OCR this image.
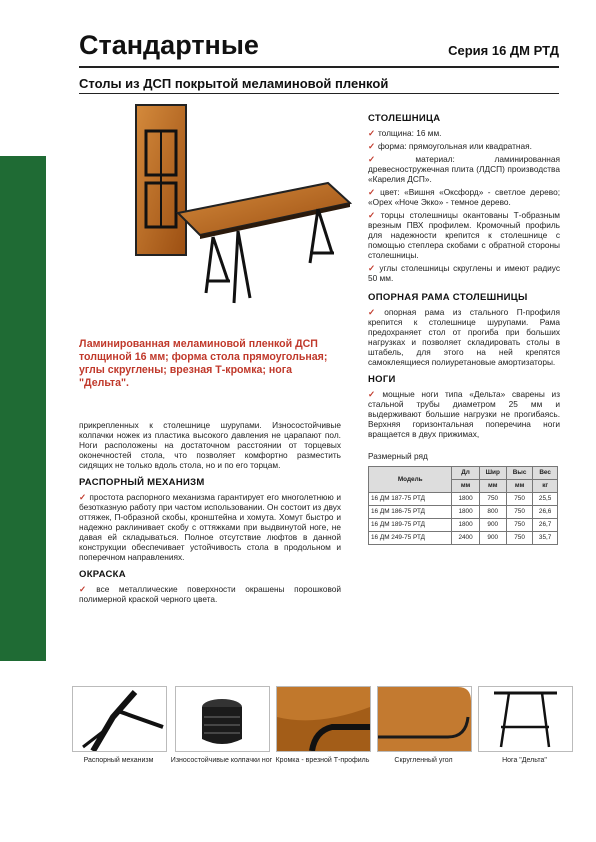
Стандартные	Серия 16 ДМ РТД
Столы из ДСП покрытой меламиновой пленкой
Ламинированная меламиновой пленкой ДСП толщиной 16 мм; форма стола прямоугольная; углы скруглены; врезная Т-кромка; нога "Дельта".

прикрепленных к столешнице шурупами. Износостойчивые колпачки ножек из пластика высокого давления не царапают пол. Ноги расположены на достаточном расстоянии от торцевых оконечностей стола, что позволяет комфортно разместить сидящих не только вдоль стола, но и по его торцам.

РАСПОРНЫЙ МЕХАНИЗМ

✓ простота распорного механизма гарантирует его многолетнюю и безотказную работу при частом использовании. Он состоит из двух оттяжек, П-образной скобы, кронштейна и хомута. Хомут быстро и надежно раклинивает скобу с оттяжками при выдвинутой ноге, не давая ей складываться. Полное отсутствие люфтов в данной конструкции обеспечивает устойчивость стола в продольном и поперечном направлениях.

ОКРАСКА

✓ все металлические поверхности окрашены порошковой полимерной краской черного цвета.

СТОЛЕШНИЦА
✓ толщина: 16 мм.
✓ форма: прямоугольная или квадратная.
✓ материал: ламинированная древесностружечная плита (ЛДСП) производства «Карелия ДСП».
✓ цвет: «Вишня «Оксфорд» - светлое дерево; «Орех «Ноче Экко» - темное дерево.
✓ торцы столешницы окантованы Т-образным врезным ПВХ профилем. Кромочный профиль для надежности крепится к столешнице с помощью степлера скобами с обратной стороны столешницы.
✓ углы столешницы скруглены и имеют радиус 50 мм.
ОПОРНАЯ РАМА СТОЛЕШНИЦЫ

✓ опорная рама из стального П-профиля крепится к столешнице шурупами. Рама предохраняет стол от прогиба при больших нагрузках и позволяет складировать столы в штабель, для этого на ней крепятся самоклеящиеся полиуретановые амортизаторы.

НОГИ

✓ мощные ноги типа «Дельта» сварены из стальной трубы диаметром 25 мм и выдерживают большие нагрузки не прогибаясь. Верхняя горизонтальная поперечина ноги вращается в двух прижимах,

Размерный ряд
Модель	Дл	Шир	Выс	Вес
	мм	мм	мм	кг
16 ДМ 187-75 РТД	1800	750	750	25,5
16 ДМ 186-75 РТД	1800	800	750	26,6
16 ДМ 189-75 РТД	1800	900	750	26,7
16 ДМ 249-75 РТД	2400	900	750	35,7
Распорный механизм	Износостойчивые колпачки ног Кромка - врезной Т-профиль	Скругленный угол	Нога "Дельта"
